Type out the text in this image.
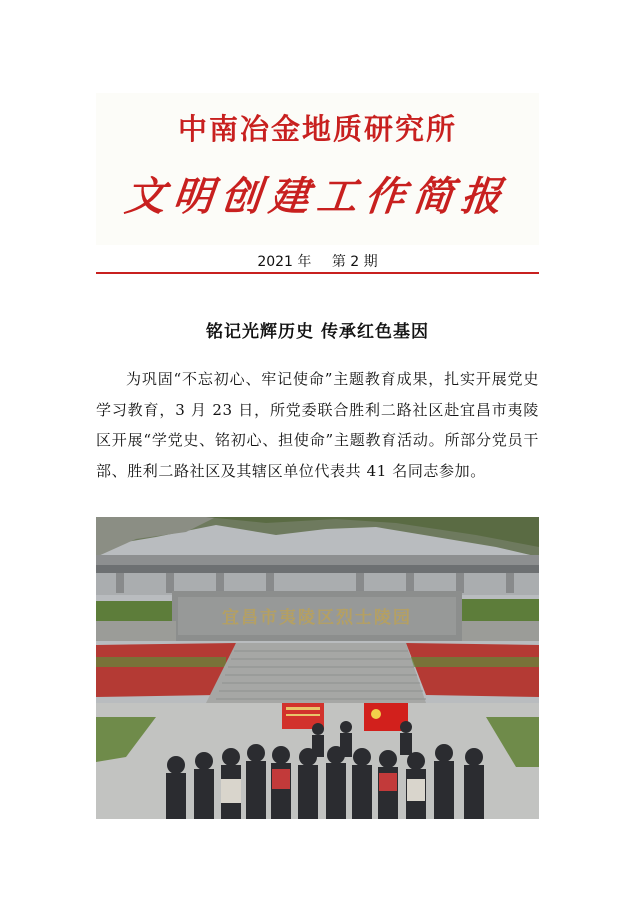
中南冶金地质研究所
文明创建工作简报
2021 年 第 2 期
铭记光辉历史 传承红色基因
为巩固“不忘初心、牢记使命”主题教育成果，扎实开展党史学习教育，3 月 23 日，所党委联合胜利二路社区赴宜昌市夷陵区开展“学党史、铭初心、担使命”主题教育活动。所部分党员干部、胜利二路社区及其辖区单位代表共 41 名同志参加。
宜昌市夷陵区烈士陵园
